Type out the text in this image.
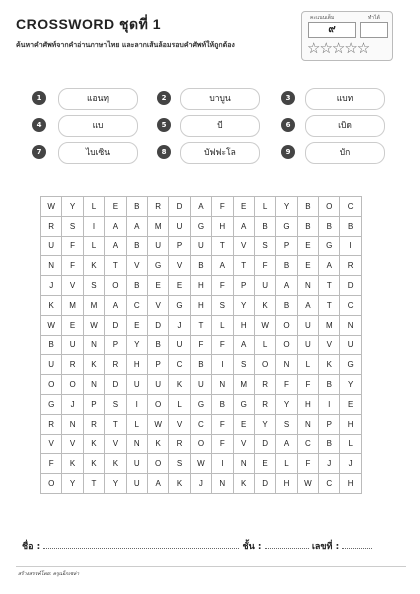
CROSSWORD ชุดที่ 1
ค้นหาคำศัพท์จากคำอ่านภาษาไทย และลากเส้นล้อมรอบคำศัพท์ให้ถูกต้อง
คะแนนเต็ม	ทำได้
๙
☆☆☆☆☆
1	แอนทฺ	2	บาบูน	3	แบท
4	แบ	5	บี	6	เบิด
7	ไบเซิน	8	บัฟฟะโล	9	บัก
W	Y	L	E	B	R	D	A	F	E	L	Y	B	O	C
R	S	I	A	A	M	U	G	H	A	B	G	B	B	B
U	F	L	A	B	U	P	U	T	V	S	P	E	G	I
N	F	K	T	V	G	V	B	A	T	F	B	E	A	R
J	V	S	O	B	E	E	H	F	P	U	A	N	T	D
K	M	M	A	C	V	G	H	S	Y	K	B	A	T	C
W	E	W	D	E	D	J	T	L	H	W	O	U	M	N
B	U	N	P	Y	B	U	F	F	A	L	O	U	V	U
U	R	K	R	H	P	C	B	I	S	O	N	L	K	G
O	O	N	D	U	U	K	U	N	M	R	F	F	B	Y
G	J	P	S	I	O	L	G	B	G	R	Y	H	I	E
R	N	R	T	L	W	V	C	F	E	Y	S	N	P	H
V	V	K	V	N	K	R	O	F	V	D	A	C	B	L
F	K	K	K	U	O	S	W	I	N	E	L	F	J	J
O	Y	T	Y	U	A	K	J	N	K	D	H	W	C	H
ชื่อ :	ชั้น :	เลขที่ :
สร้างสรรค์โดย: ครูแอ็กเซล่า
